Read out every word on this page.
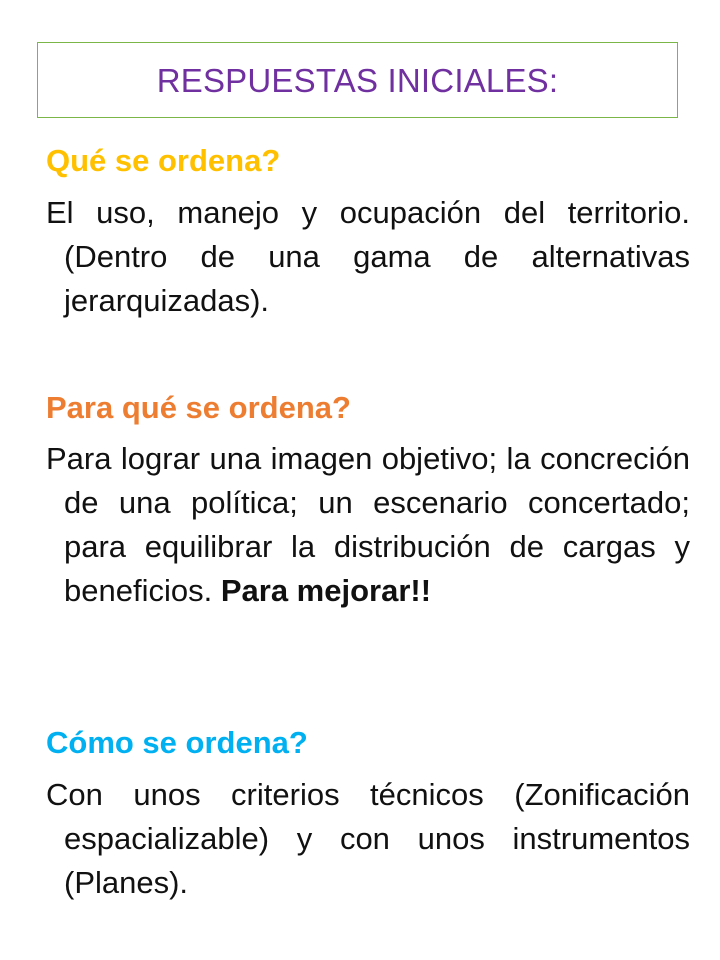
RESPUESTAS INICIALES:
Qué se ordena?
El uso, manejo y ocupación del territorio. (Dentro de una gama de alternativas jerarquizadas).
Para qué se ordena?
Para lograr una imagen objetivo; la concreción de una política; un escenario concertado; para equilibrar la distribución de cargas y beneficios. Para mejorar!!
Cómo se ordena?
Con unos criterios técnicos (Zonificación espacializable) y con unos instrumentos (Planes).
